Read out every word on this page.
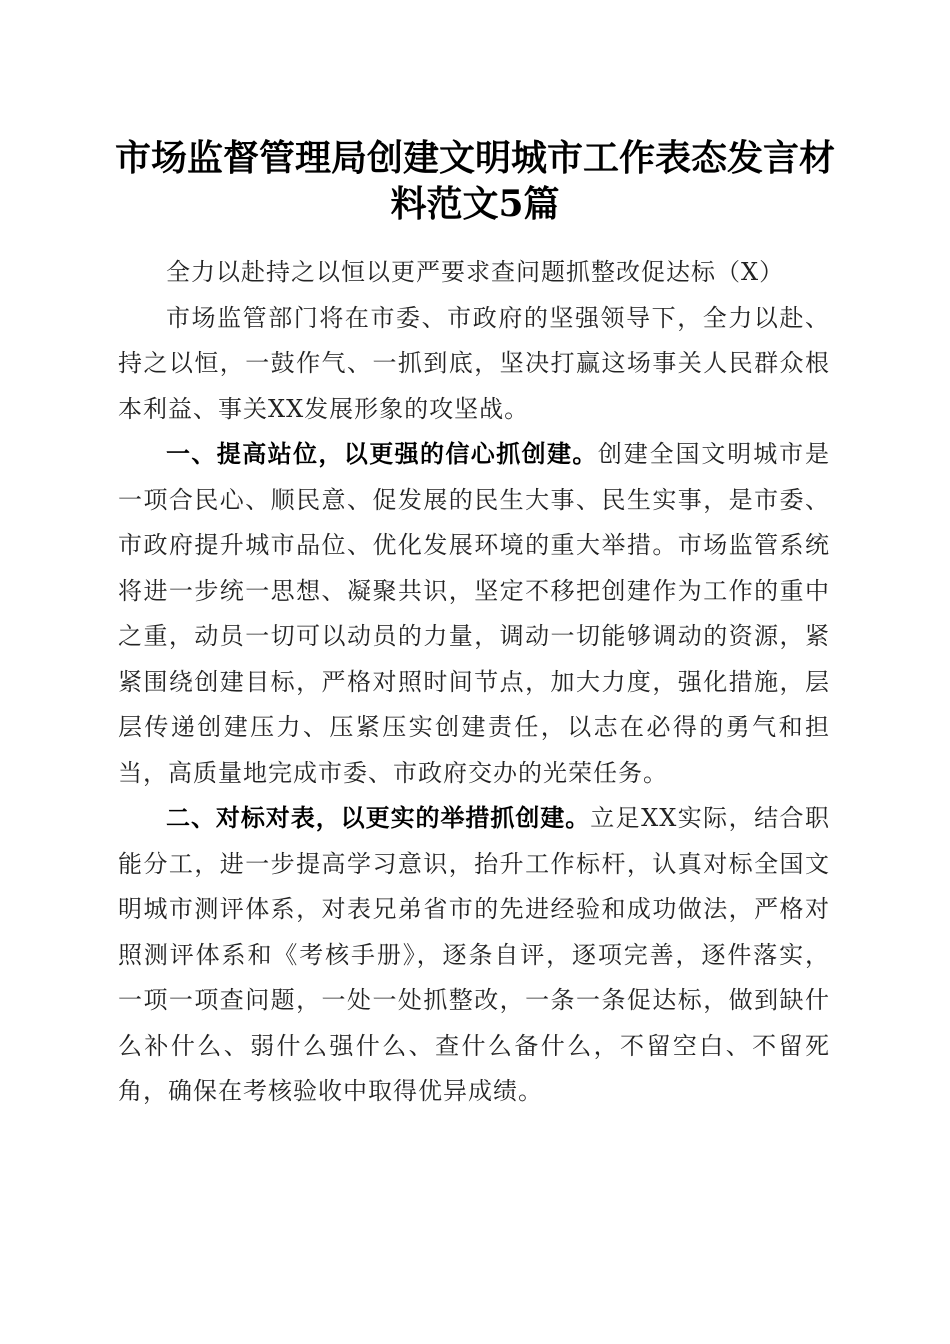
市场监督管理局创建文明城市工作表态发言材
料范文5篇

全力以赴持之以恒以更严要求查问题抓整改促达标（X）

市场监管部门将在市委、市政府的坚强领导下，全力以赴、持之以恒，一鼓作气、一抓到底，坚决打赢这场事关人民群众根本利益、事关XX发展形象的攻坚战。

一、提高站位，以更强的信心抓创建。创建全国文明城市是一项合民心、顺民意、促发展的民生大事、民生实事，是市委、市政府提升城市品位、优化发展环境的重大举措。市场监管系统将进一步统一思想、凝聚共识，坚定不移把创建作为工作的重中之重，动员一切可以动员的力量，调动一切能够调动的资源，紧紧围绕创建目标，严格对照时间节点，加大力度，强化措施，层层传递创建压力、压紧压实创建责任，以志在必得的勇气和担当，高质量地完成市委、市政府交办的光荣任务。

二、对标对表，以更实的举措抓创建。立足XX实际，结合职能分工，进一步提高学习意识，抬升工作标杆，认真对标全国文明城市测评体系，对表兄弟省市的先进经验和成功做法，严格对照测评体系和《考核手册》，逐条自评，逐项完善，逐件落实，一项一项查问题，一处一处抓整改，一条一条促达标，做到缺什么补什么、弱什么强什么、查什么备什么，不留空白、不留死角，确保在考核验收中取得优异成绩。
